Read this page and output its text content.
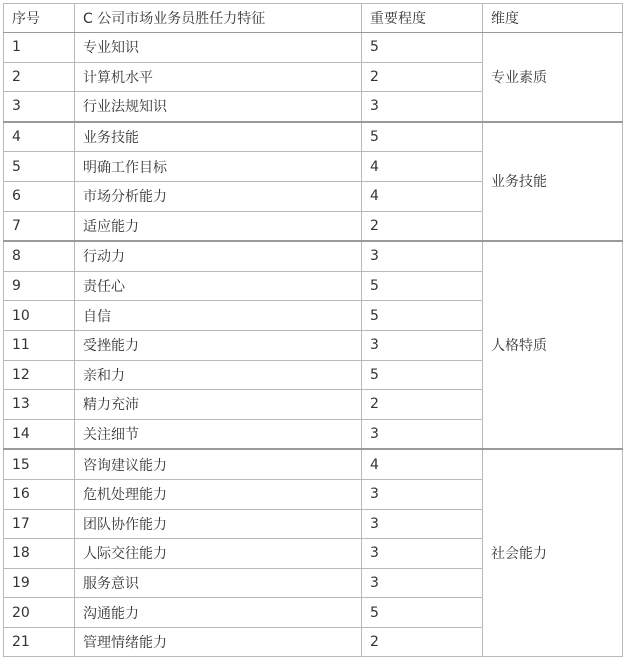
序号	C 公司市场业务员胜任力特征	重要程度	维度
1	专业知识	5	专业素质
2	计算机水平	2	
3	行业法规知识	3	
4	业务技能	5	业务技能
5	明确工作目标	4	
6	市场分析能力	4	
7	适应能力	2	
8	行动力	3	人格特质
9	责任心	5	
10	自信	5	
11	受挫能力	3	
12	亲和力	5	
13	精力充沛	2	
14	关注细节	3	
15	咨询建议能力	4	社会能力
16	危机处理能力	3	
17	团队协作能力	3	
18	人际交往能力	3	
19	服务意识	3	
20	沟通能力	5	
21	管理情绪能力	2	
